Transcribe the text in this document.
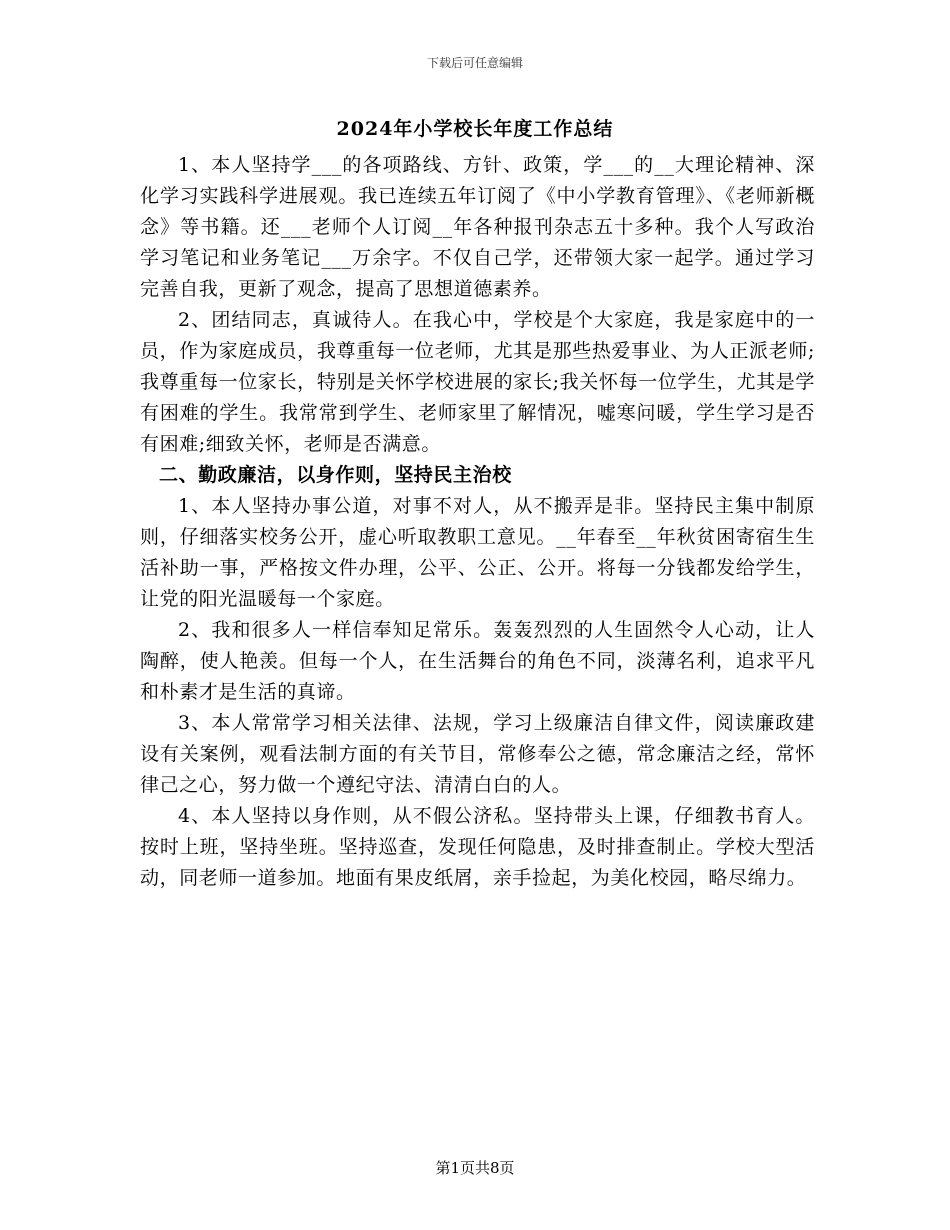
下载后可任意编辑
2024年小学校长年度工作总结

1、本人坚持学___的各项路线、方针、政策，学___的__大理论精神、深化学习实践科学进展观。我已连续五年订阅了《中小学教育管理》、《老师新概念》等书籍。还___老师个人订阅__年各种报刊杂志五十多种。我个人写政治学习笔记和业务笔记___万余字。不仅自己学，还带领大家一起学。通过学习完善自我，更新了观念，提高了思想道德素养。

2、团结同志，真诚待人。在我心中，学校是个大家庭，我是家庭中的一员，作为家庭成员，我尊重每一位老师，尤其是那些热爱事业、为人正派老师;我尊重每一位家长，特别是关怀学校进展的家长;我关怀每一位学生，尤其是学有困难的学生。我常常到学生、老师家里了解情况，嘘寒问暖，学生学习是否有困难;细致关怀，老师是否满意。

二、勤政廉洁，以身作则，坚持民主治校

1、本人坚持办事公道，对事不对人，从不搬弄是非。坚持民主集中制原则，仔细落实校务公开，虚心听取教职工意见。__年春至__年秋贫困寄宿生生活补助一事，严格按文件办理，公平、公正、公开。将每一分钱都发给学生，让党的阳光温暖每一个家庭。

2、我和很多人一样信奉知足常乐。轰轰烈烈的人生固然令人心动，让人陶醉，使人艳羡。但每一个人，在生活舞台的角色不同，淡薄名利，追求平凡和朴素才是生活的真谛。

3、本人常常学习相关法律、法规，学习上级廉洁自律文件，阅读廉政建设有关案例，观看法制方面的有关节目，常修奉公之德，常念廉洁之经，常怀律己之心，努力做一个遵纪守法、清清白白的人。

4、本人坚持以身作则，从不假公济私。坚持带头上课，仔细教书育人。按时上班，坚持坐班。坚持巡查，发现任何隐患，及时排查制止。学校大型活动，同老师一道参加。地面有果皮纸屑，亲手捡起，为美化校园，略尽绵力。

第1页共8页
